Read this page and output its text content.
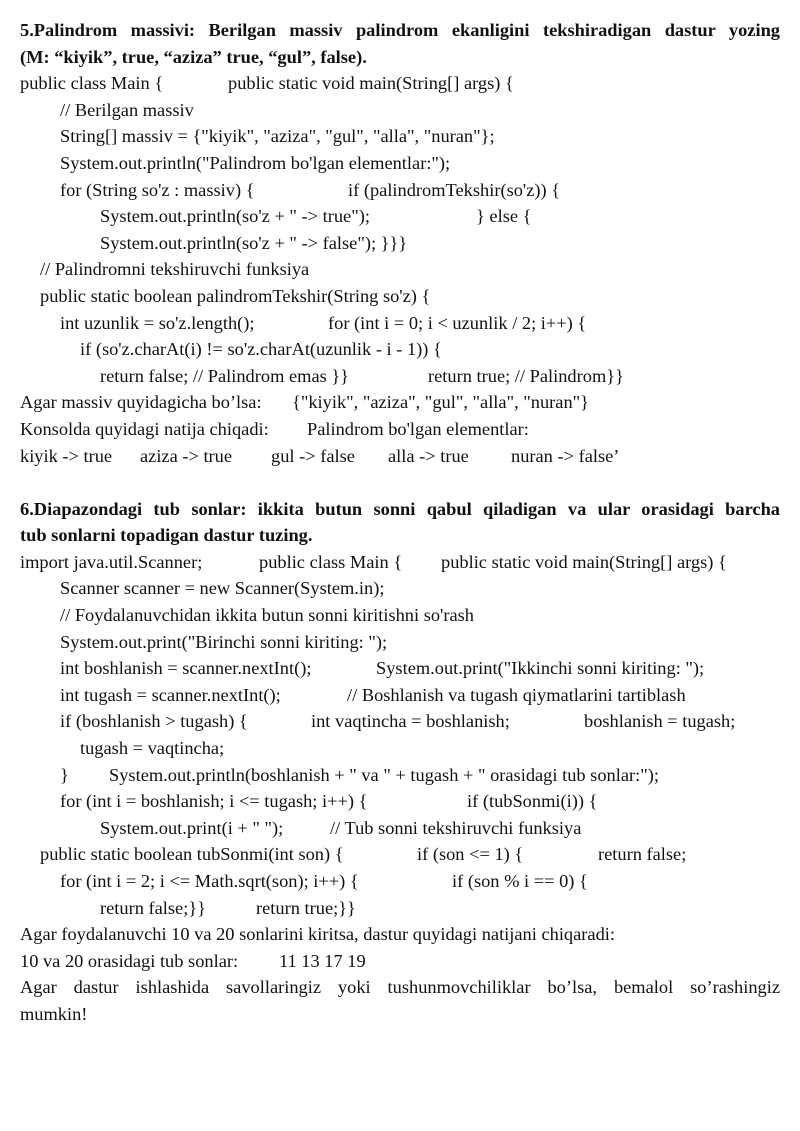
5.Palindrom massivi: Berilgan massiv palindrom ekanligini tekshiradigan dastur yozing
(M: “kiyik”, true, “aziza” true, “gul”, false).
public class Main {	public static void main(String[] args) {
// Berilgan massiv
String[] massiv = {"kiyik", "aziza", "gul", "alla", "nuran"};
System.out.println("Palindrom bo'lgan elementlar:");
for (String so'z : massiv) {	if (palindromTekshir(so'z)) {
System.out.println(so'z + " -> true");	} else {
System.out.println(so'z + " -> false"); }}}
// Palindromni tekshiruvchi funksiya
public static boolean palindromTekshir(String so'z) {
int uzunlik = so'z.length();	for (int i = 0; i < uzunlik / 2; i++) {
if (so'z.charAt(i) != so'z.charAt(uzunlik - i - 1)) {
return false; // Palindrom emas }}	return true; // Palindrom}}
Agar massiv quyidagicha bo’lsa: {"kiyik", "aziza", "gul", "alla", "nuran"}
Konsolda quyidagi natija chiqadi: Palindrom bo'lgan elementlar:
kiyik -> true aziza -> true gul -> false alla -> true nuran -> false’
6.Diapazondagi tub sonlar: ikkita butun sonni qabul qiladigan va ular orasidagi barcha
tub sonlarni topadigan dastur tuzing.
import java.util.Scanner;	public class Main { public static void main(String[] args) {
Scanner scanner = new Scanner(System.in);
// Foydalanuvchidan ikkita butun sonni kiritishni so'rash
System.out.print("Birinchi sonni kiriting: ");
int boshlanish = scanner.nextInt();	System.out.print("Ikkinchi sonni kiriting: ");
int tugash = scanner.nextInt();	// Boshlanish va tugash qiymatlarini tartiblash
if (boshlanish > tugash) {	int vaqtincha = boshlanish;	boshlanish = tugash;
tugash = vaqtincha;
} System.out.println(boshlanish + " va " + tugash + " orasidagi tub sonlar:");
for (int i = boshlanish; i <= tugash; i++) {	if (tubSonmi(i)) {
System.out.print(i + " ");	// Tub sonni tekshiruvchi funksiya
public static boolean tubSonmi(int son) {	if (son <= 1) {	return false;
for (int i = 2; i <= Math.sqrt(son); i++) {	if (son % i == 0) {
return false;}}	return true;}}
Agar foydalanuvchi 10 va 20 sonlarini kiritsa, dastur quyidagi natijani chiqaradi:
10 va 20 orasidagi tub sonlar: 11 13 17 19
Agar dastur ishlashida savollaringiz yoki tushunmovchiliklar bo’lsa, bemalol so’rashingiz
mumkin!
